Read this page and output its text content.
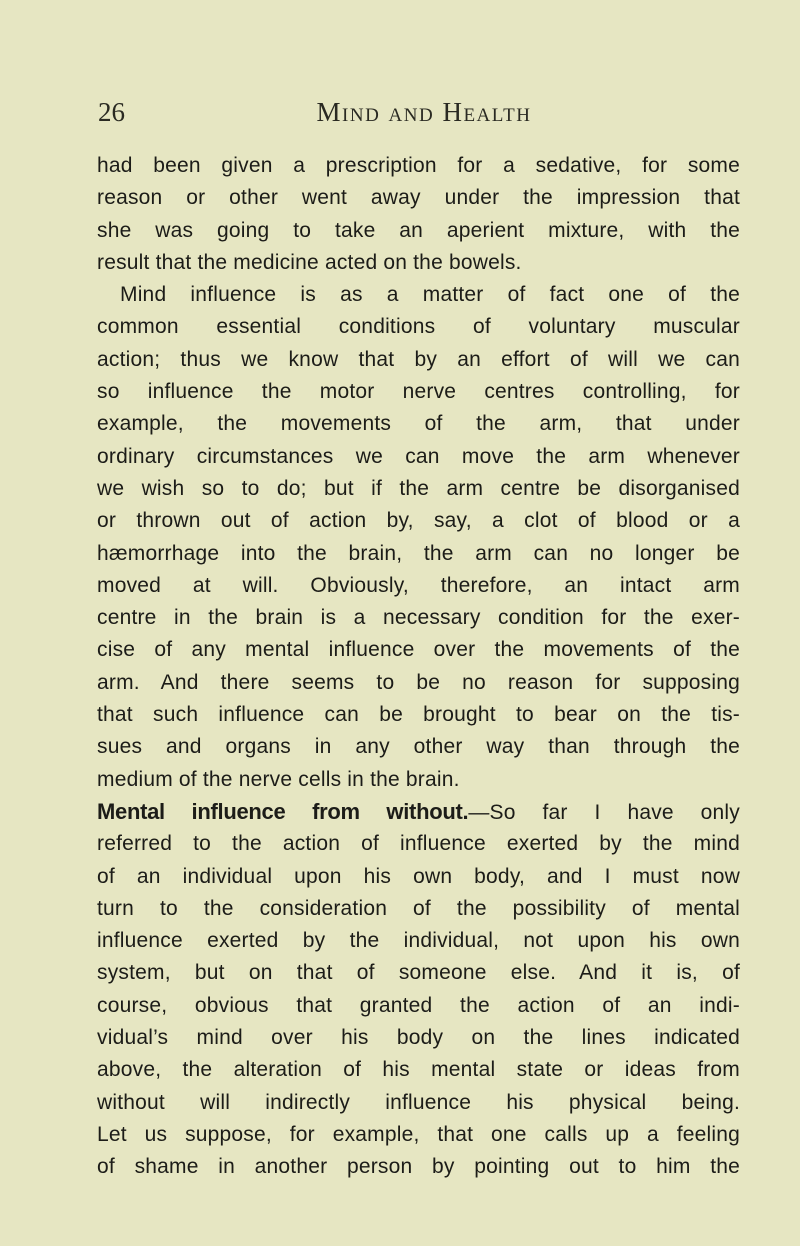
26	Mind and Health
had been given a prescription for a sedative, for some
reason or other went away under the impression that
she was going to take an aperient mixture, with the
result that the medicine acted on the bowels.
Mind influence is as a matter of fact one of the
common essential conditions of voluntary muscular
action; thus we know that by an effort of will we can
so influence the motor nerve centres controlling, for
example, the movements of the arm, that under
ordinary circumstances we can move the arm whenever
we wish so to do; but if the arm centre be disorganised
or thrown out of action by, say, a clot of blood or a
hæmorrhage into the brain, the arm can no longer be
moved at will. Obviously, therefore, an intact arm
centre in the brain is a necessary condition for the exer-
cise of any mental influence over the movements of the
arm. And there seems to be no reason for supposing
that such influence can be brought to bear on the tis-
sues and organs in any other way than through the
medium of the nerve cells in the brain.
Mental influence from without.—So far I have only
referred to the action of influence exerted by the mind
of an individual upon his own body, and I must now
turn to the consideration of the possibility of mental
influence exerted by the individual, not upon his own
system, but on that of someone else. And it is, of
course, obvious that granted the action of an indi-
vidual’s mind over his body on the lines indicated
above, the alteration of his mental state or ideas from
without will indirectly influence his physical being.
Let us suppose, for example, that one calls up a feeling
of shame in another person by pointing out to him the
